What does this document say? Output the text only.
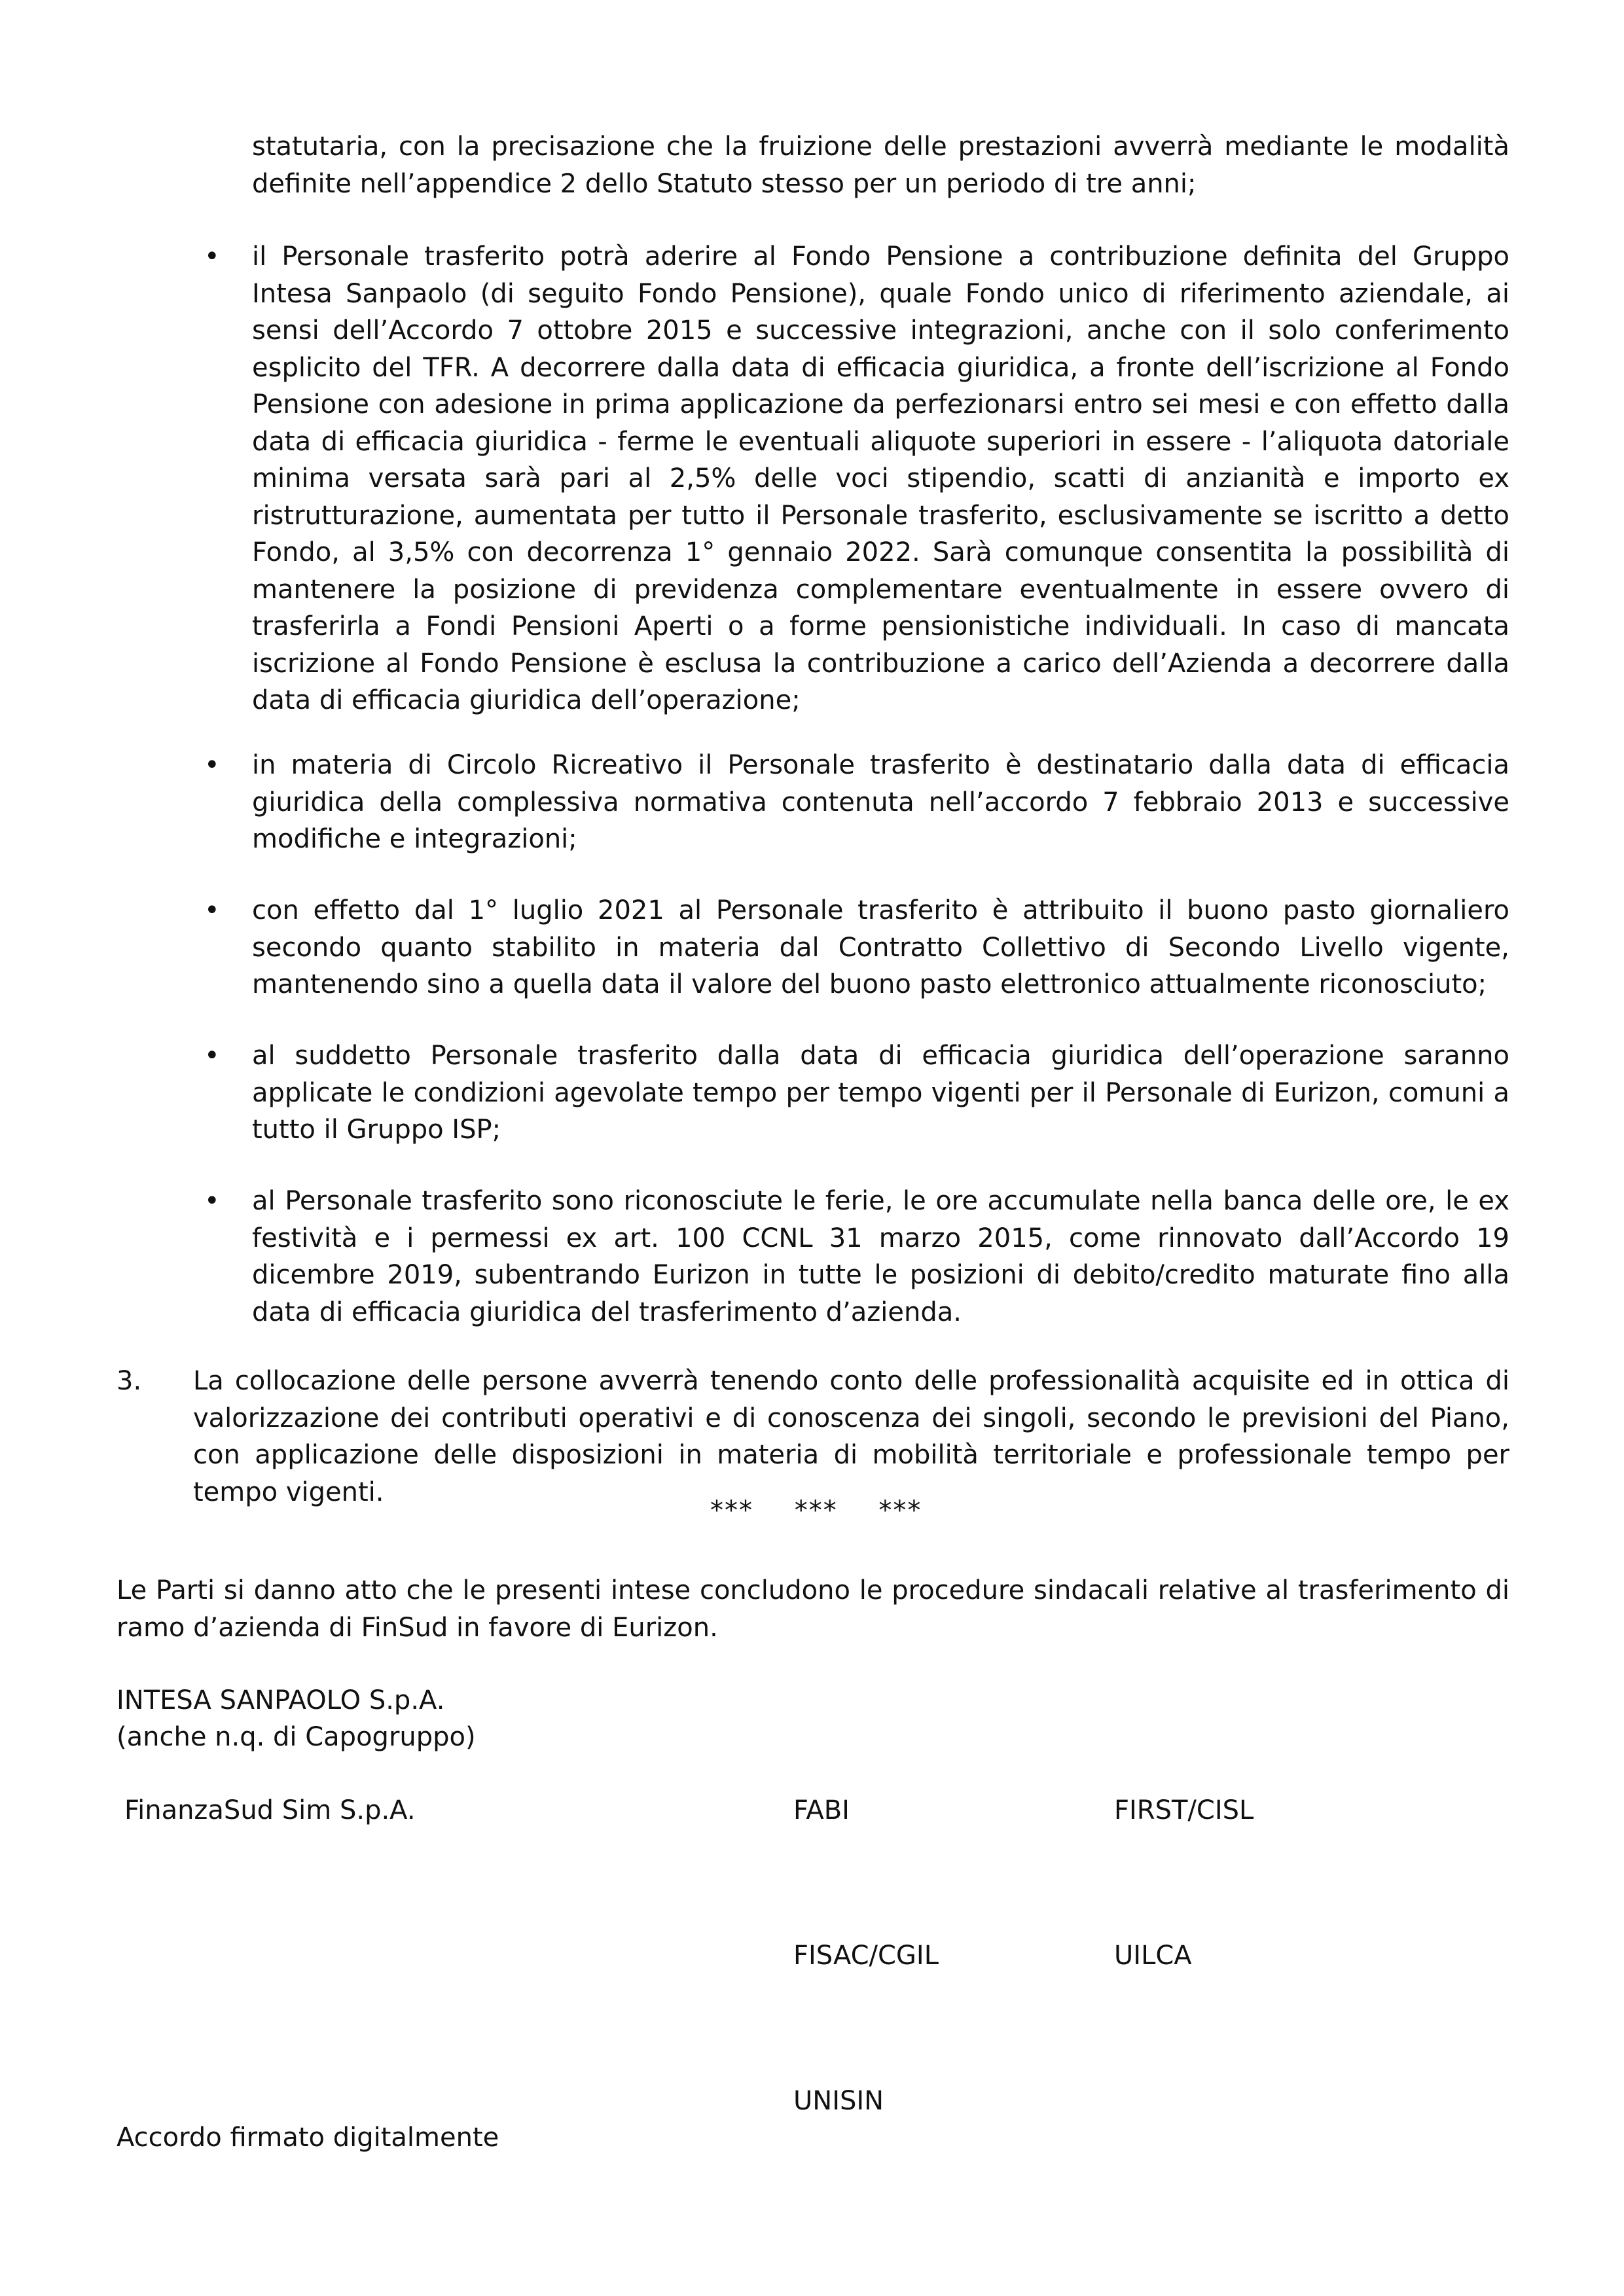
statutaria, con la precisazione che la fruizione delle prestazioni avverrà mediante le modalità definite nell’appendice 2 dello Statuto stesso per un periodo di tre anni;

• il Personale trasferito potrà aderire al Fondo Pensione a contribuzione definita del Gruppo Intesa Sanpaolo (di seguito Fondo Pensione), quale Fondo unico di riferimento aziendale, ai sensi dell’Accordo 7 ottobre 2015 e successive integrazioni, anche con il solo conferimento esplicito del TFR. A decorrere dalla data di efficacia giuridica, a fronte dell’iscrizione al Fondo Pensione con adesione in prima applicazione da perfezionarsi entro sei mesi e con effetto dalla data di efficacia giuridica - ferme le eventuali aliquote superiori in essere - l’aliquota datoriale minima versata sarà pari al 2,5% delle voci stipendio, scatti di anzianità e importo ex ristrutturazione, aumentata per tutto il Personale trasferito, esclusivamente se iscritto a detto Fondo, al 3,5% con decorrenza 1° gennaio 2022. Sarà comunque consentita la possibilità di mantenere la posizione di previdenza complementare eventualmente in essere ovvero di trasferirla a Fondi Pensioni Aperti o a forme pensionistiche individuali. In caso di mancata iscrizione al Fondo Pensione è esclusa la contribuzione a carico dell’Azienda a decorrere dalla data di efficacia giuridica dell’operazione;

• in materia di Circolo Ricreativo il Personale trasferito è destinatario dalla data di efficacia giuridica della complessiva normativa contenuta nell’accordo 7 febbraio 2013 e successive modifiche e integrazioni;

• con effetto dal 1° luglio 2021 al Personale trasferito è attribuito il buono pasto giornaliero secondo quanto stabilito in materia dal Contratto Collettivo di Secondo Livello vigente, mantenendo sino a quella data il valore del buono pasto elettronico attualmente riconosciuto;

• al suddetto Personale trasferito dalla data di efficacia giuridica dell’operazione saranno applicate le condizioni agevolate tempo per tempo vigenti per il Personale di Eurizon, comuni a tutto il Gruppo ISP;

• al Personale trasferito sono riconosciute le ferie, le ore accumulate nella banca delle ore, le ex festività e i permessi ex art. 100 CCNL 31 marzo 2015, come rinnovato dall’Accordo 19 dicembre 2019, subentrando Eurizon in tutte le posizioni di debito/credito maturate fino alla data di efficacia giuridica del trasferimento d’azienda.

3. La collocazione delle persone avverrà tenendo conto delle professionalità acquisite ed in ottica di valorizzazione dei contributi operativi e di conoscenza dei singoli, secondo le previsioni del Piano, con applicazione delle disposizioni in materia di mobilità territoriale e professionale tempo per tempo vigenti.

*** *** ***

Le Parti si danno atto che le presenti intese concludono le procedure sindacali relative al trasferimento di ramo d’azienda di FinSud in favore di Eurizon.

INTESA SANPAOLO S.p.A.
(anche n.q. di Capogruppo)
FinanzaSud Sim S.p.A.	FABI	FIRST/CISL
FISAC/CGIL	UILCA
UNISIN
Accordo firmato digitalmente
